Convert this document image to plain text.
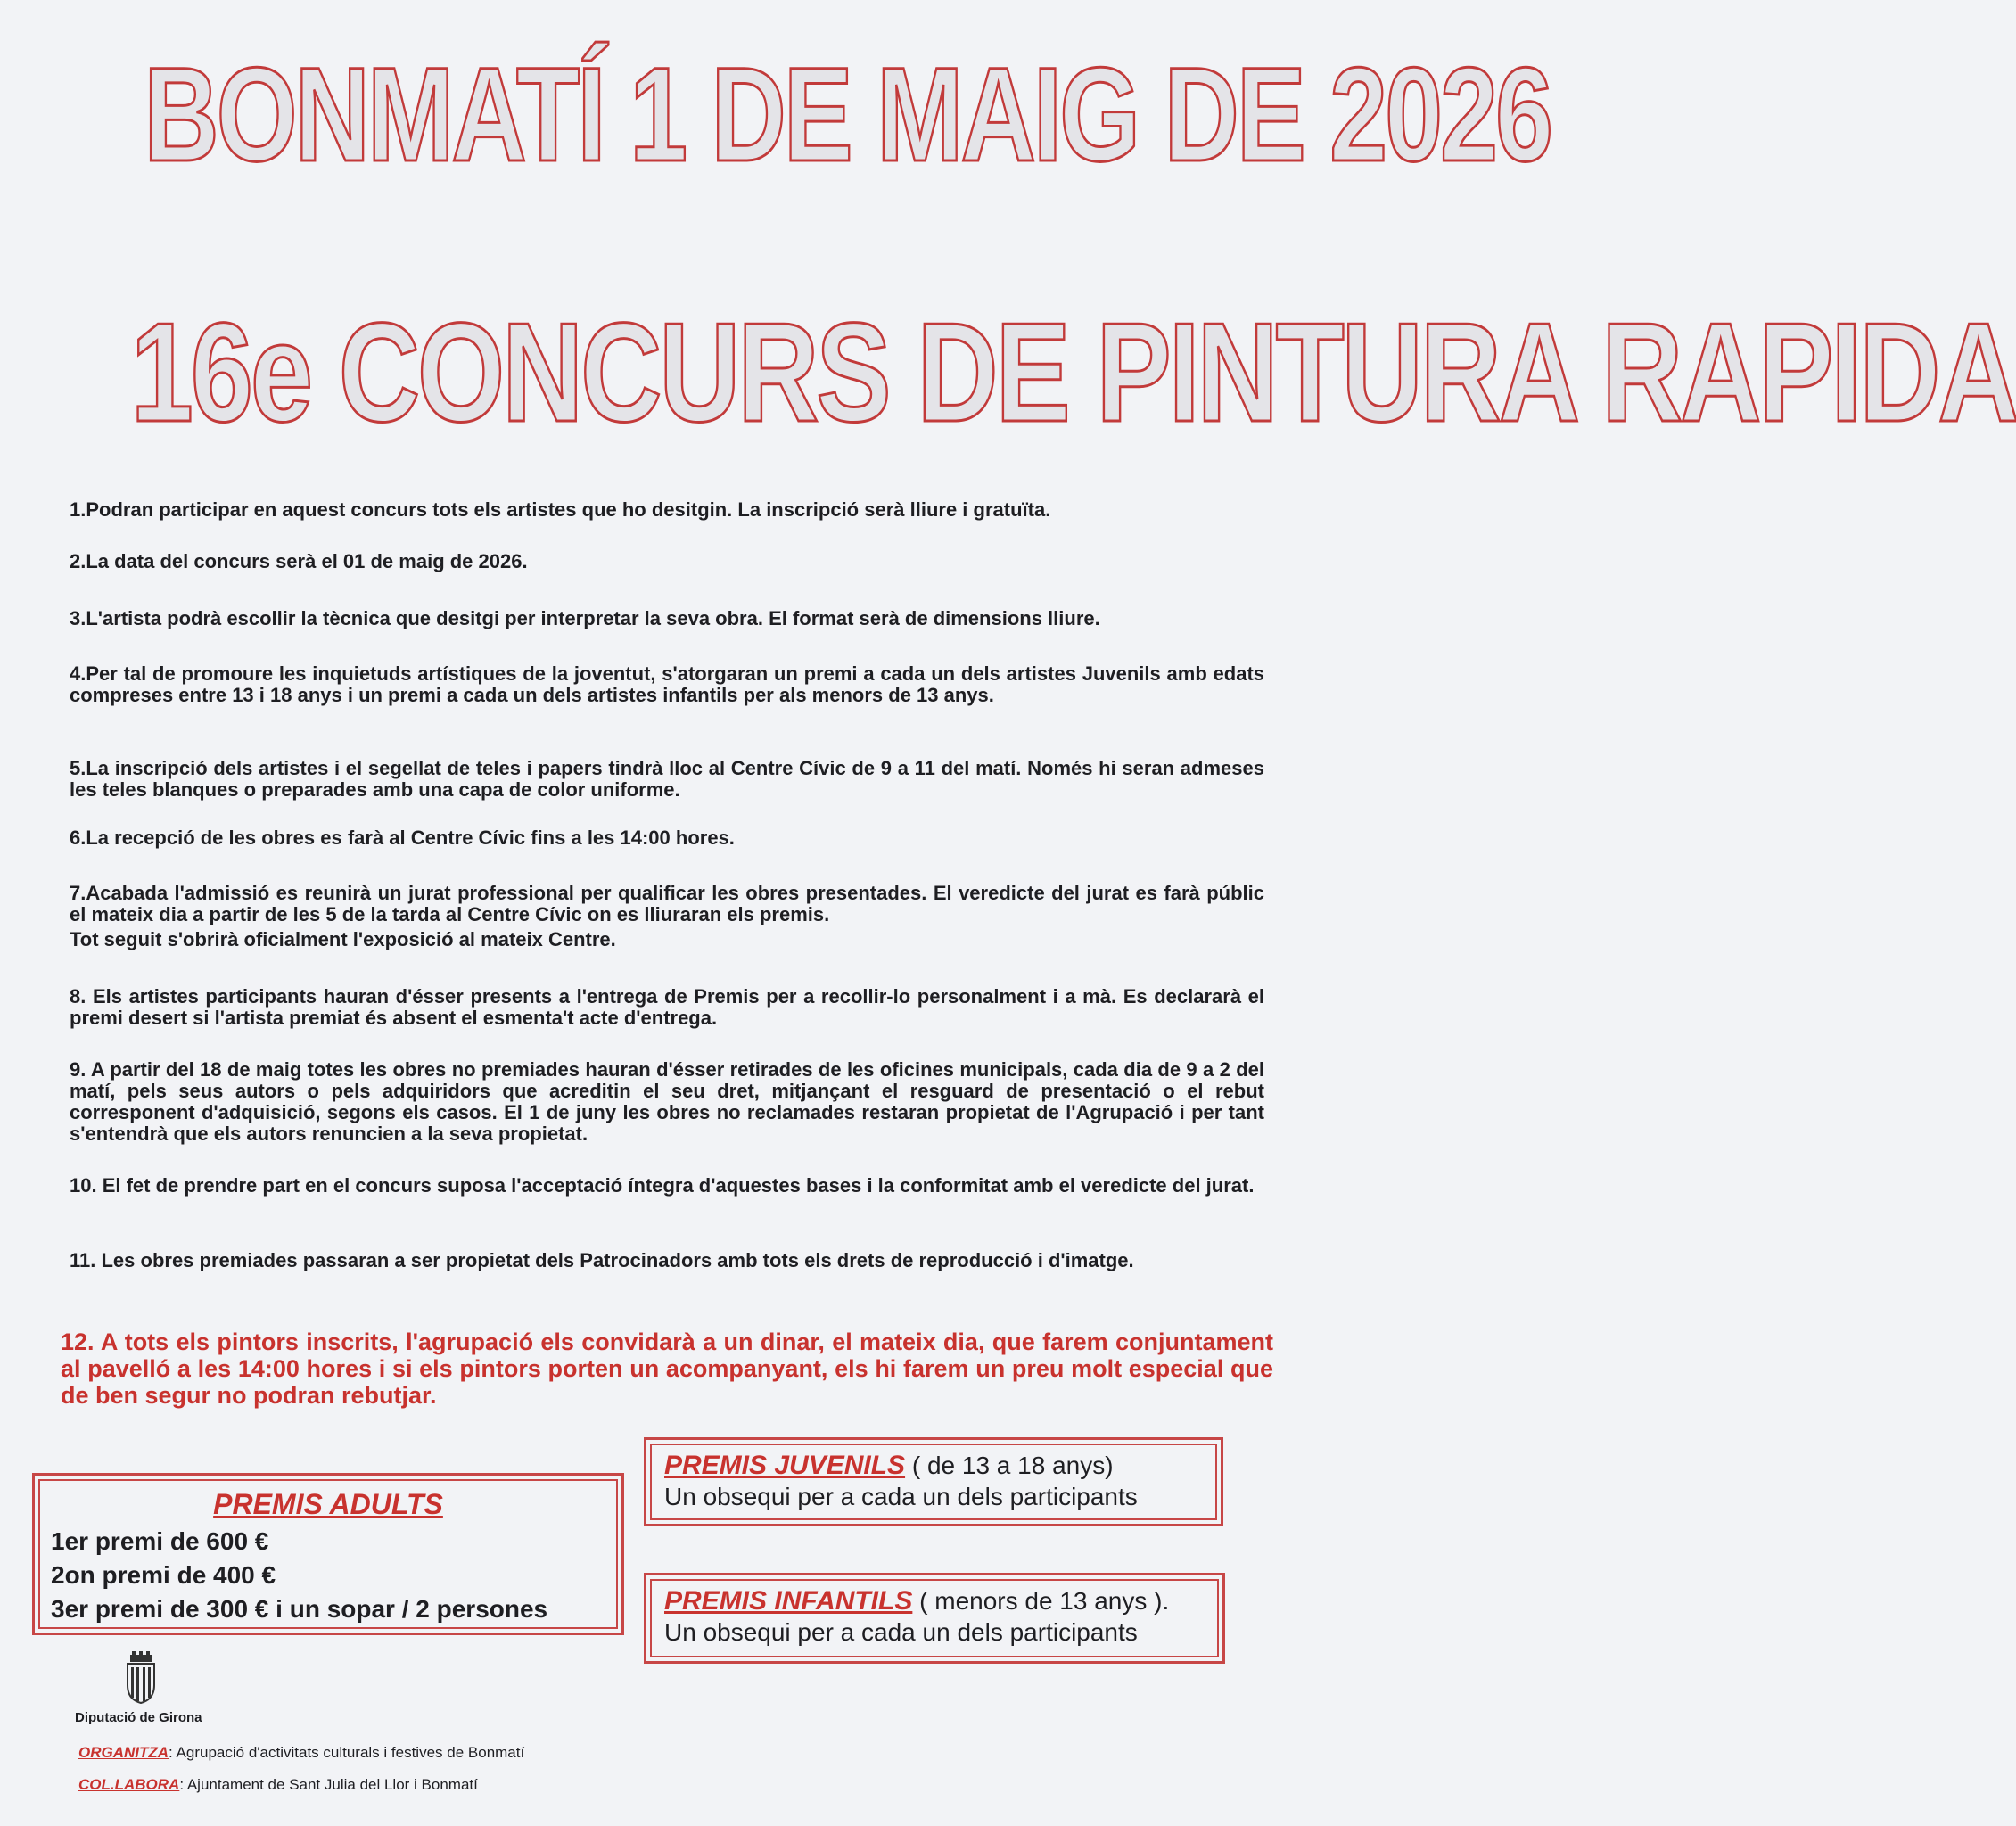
BONMATÍ 1 DE MAIG DE 2026
16e CONCURS DE PINTURA RAPIDA
1.Podran participar en aquest concurs tots els artistes que ho desitgin. La inscripció serà lliure i gratuïta.
2.La data del concurs serà el 01 de maig de 2026.
3.L'artista podrà escollir la tècnica que desitgi per interpretar la seva obra. El format serà de dimensions lliure.
4.Per tal de promoure les inquietuds artístiques de la joventut, s'atorgaran un premi a cada un dels artistes Juvenils amb edats compreses entre 13 i 18 anys i un premi a cada un dels artistes infantils per als menors de 13 anys.
5.La inscripció dels artistes i el segellat de teles i papers tindrà lloc al Centre Cívic de 9 a 11 del matí. Només hi seran admeses les teles blanques o preparades amb una capa de color uniforme.
6.La recepció de les obres es farà al Centre Cívic fins a les 14:00 hores.
7.Acabada l'admissió es reunirà un jurat professional per qualificar les obres presentades. El veredicte del jurat es farà públic el mateix dia a partir de les 5 de la tarda al Centre Cívic on es lliuraran els premis.
Tot seguit s'obrirà oficialment l'exposició al mateix Centre.
8. Els artistes participants hauran d'ésser presents a l'entrega de Premis per a recollir-lo personalment i a mà. Es declararà el premi desert si l'artista premiat és absent el esmenta't acte d'entrega.
9. A partir del 18 de maig totes les obres no premiades hauran d'ésser retirades de les oficines municipals, cada dia de 9 a 2 del matí, pels seus autors o pels adquiridors que acreditin el seu dret, mitjançant el resguard de presentació o el rebut corresponent d'adquisició, segons els casos. El 1 de juny les obres no reclamades restaran propietat de l'Agrupació i per tant s'entendrà que els autors renuncien a la seva propietat.
10. El fet de prendre part en el concurs suposa l'acceptació íntegra d'aquestes bases i la conformitat amb el veredicte del jurat.
11. Les obres premiades passaran a ser propietat dels Patrocinadors amb tots els drets de reproducció i d'imatge.
12. A tots els pintors inscrits, l'agrupació els convidarà a un dinar, el mateix dia, que farem conjuntament al pavelló a les 14:00 hores i si els pintors porten un acompanyant, els hi farem un preu molt especial que de ben segur no podran rebutjar.
PREMIS ADULTS
1er premi de 600 €
2on premi de 400 €
3er premi de 300 € i un sopar / 2 persones
PREMIS JUVENILS ( de 13 a 18 anys)
Un obsequi per a cada un dels participants
PREMIS INFANTILS ( menors de 13 anys ).
Un obsequi per a cada un dels participants
Diputació de Girona
ORGANITZA: Agrupació d'activitats culturals i festives de Bonmatí
COL.LABORA: Ajuntament de Sant Julia del Llor i Bonmatí
